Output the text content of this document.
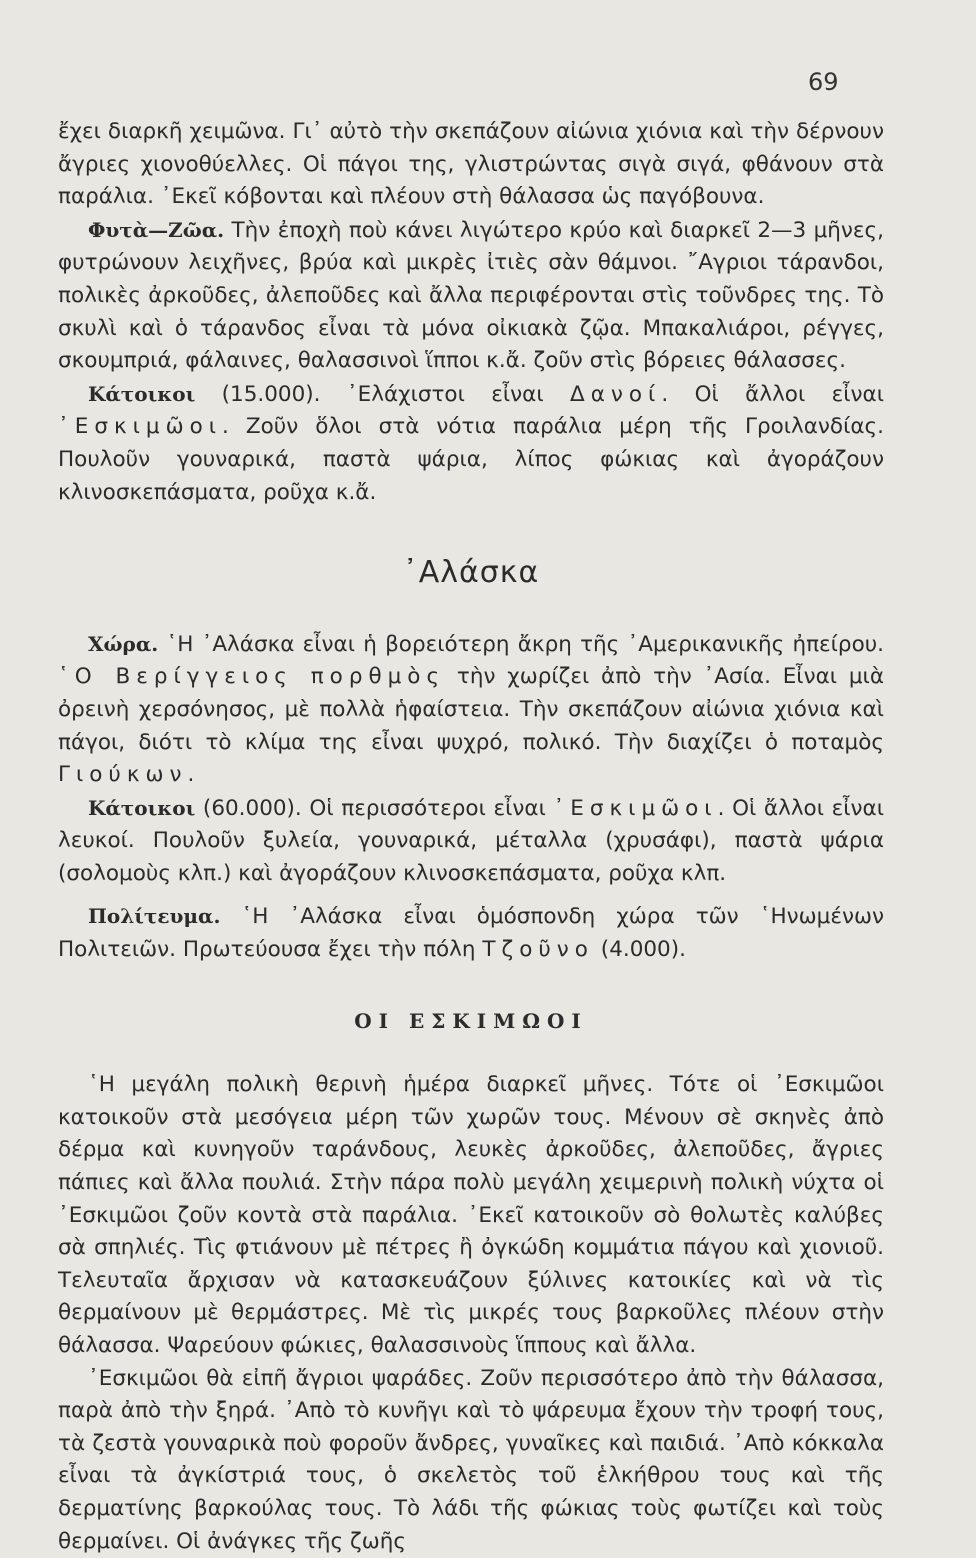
69

ἔχει διαρκῆ χειμῶνα. Γι᾿ αὐτὸ τὴν σκεπάζουν αἰώνια χιόνια καὶ τὴν δέρνουν ἄγριες χιονοθύελλες. Οἱ πάγοι της, γλιστρώντας σιγὰ σιγά, φθάνουν στὰ παράλια. ᾿Εκεῖ κόβονται καὶ πλέουν στὴ θάλασσα ὡς παγόβουνα.

Φυτὰ—Ζῶα. Τὴν ἐποχὴ ποὺ κάνει λιγώτερο κρύο καὶ διαρκεῖ 2—3 μῆνες, φυτρώνουν λειχῆνες, βρύα καὶ μικρὲς ἰτιὲς σὰν θάμνοι. ῎Αγριοι τάρανδοι, πολικὲς ἀρκοῦδες, ἀλεποῦδες καὶ ἄλλα περιφέρονται στὶς τοῦνδρες της. Τὸ σκυλὶ καὶ ὁ τάρανδος εἶναι τὰ μόνα οἰκιακὰ ζῷα. Μπακαλιάροι, ρέγγες, σκουμπριά, φάλαινες, θαλασσινοὶ ἵπποι κ.ἄ. ζοῦν στὶς βόρειες θάλασσες.

Κάτοικοι (15.000). ᾿Ελάχιστοι εἶναι Δανοί. Οἱ ἄλλοι εἶναι ᾿Εσκιμῶοι. Ζοῦν ὅλοι στὰ νότια παράλια μέρη τῆς Γροιλανδίας. Πουλοῦν γουναρικά, παστὰ ψάρια, λίπος φώκιας καὶ ἀγοράζουν κλινοσκεπάσματα, ροῦχα κ.ἄ.

᾿Αλάσκα

Χώρα. ῾Η ᾿Αλάσκα εἶναι ἡ βορειότερη ἄκρη τῆς ᾿Αμερικανικῆς ἠπείρου. ῾Ο Βερίγγειος πορθμὸς τὴν χωρίζει ἀπὸ τὴν ᾿Ασία. Εἶναι μιὰ ὀρεινὴ χερσόνησος, μὲ πολλὰ ἡφαίστεια. Τὴν σκεπάζουν αἰώνια χιόνια καὶ πάγοι, διότι τὸ κλίμα της εἶναι ψυχρό, πολικό. Τὴν διαχίζει ὁ ποταμὸς Γιούκων.

Κάτοικοι (60.000). Οἱ περισσότεροι εἶναι ᾿Εσκιμῶοι. Οἱ ἄλλοι εἶναι λευκοί. Πουλοῦν ξυλεία, γουναρικά, μέταλλα (χρυσάφι), παστὰ ψάρια (σολομοὺς κλπ.) καὶ ἀγοράζουν κλινοσκεπάσματα, ροῦχα κλπ.

Πολίτευμα. ῾Η ᾿Αλάσκα εἶναι ὁμόσπονδη χώρα τῶν ῾Ηνωμένων Πολιτειῶν. Πρωτεύουσα ἔχει τὴν πόλη Τζοῦνο (4.000).

ΟΙ ΕΣΚΙΜΩΟΙ

῾Η μεγάλη πολικὴ θερινὴ ἡμέρα διαρκεῖ μῆνες. Τότε οἱ ᾿Εσκιμῶοι κατοικοῦν στὰ μεσόγεια μέρη τῶν χωρῶν τους. Μένουν σὲ σκηνὲς ἀπὸ δέρμα καὶ κυνηγοῦν ταράνδους, λευκὲς ἀρκοῦδες, ἀλεποῦδες, ἄγριες πάπιες καὶ ἄλλα πουλιά. Στὴν πάρα πολὺ μεγάλη χειμερινὴ πολικὴ νύχτα οἱ ᾿Εσκιμῶοι ζοῦν κοντὰ στὰ παράλια. ᾿Εκεῖ κατοικοῦν σὸ θολωτὲς καλύβες σὰ σπηλιές. Τὶς φτιάνουν μὲ πέτρες ἢ ὀγκώδη κομμάτια πάγου καὶ χιονιοῦ. Τελευταῖα ἄρχισαν νὰ κατασκευάζουν ξύλινες κατοικίες καὶ νὰ τὶς θερμαίνουν μὲ θερμάστρες. Μὲ τὶς μικρές τους βαρκοῦλες πλέουν στὴν θάλασσα. Ψαρεύουν φώκιες, θαλασσινοὺς ἵππους καὶ ἄλλα.

᾿Εσκιμῶοι θὰ εἰπῆ ἄγριοι ψαράδες. Ζοῦν περισσότερο ἀπὸ τὴν θάλασσα, παρὰ ἀπὸ τὴν ξηρά. ᾿Απὸ τὸ κυνῆγι καὶ τὸ ψάρευμα ἔχουν τὴν τροφή τους, τὰ ζεστὰ γουναρικὰ ποὺ φοροῦν ἄνδρες, γυναῖκες καὶ παιδιά. ᾿Απὸ κόκκαλα εἶναι τὰ ἀγκίστριά τους, ὁ σκελετὸς τοῦ ἑλκήθρου τους καὶ τῆς δερματίνης βαρκούλας τους. Τὸ λάδι τῆς φώκιας τοὺς φωτίζει καὶ τοὺς θερμαίνει. Οἱ ἀνάγκες τῆς ζωῆς
